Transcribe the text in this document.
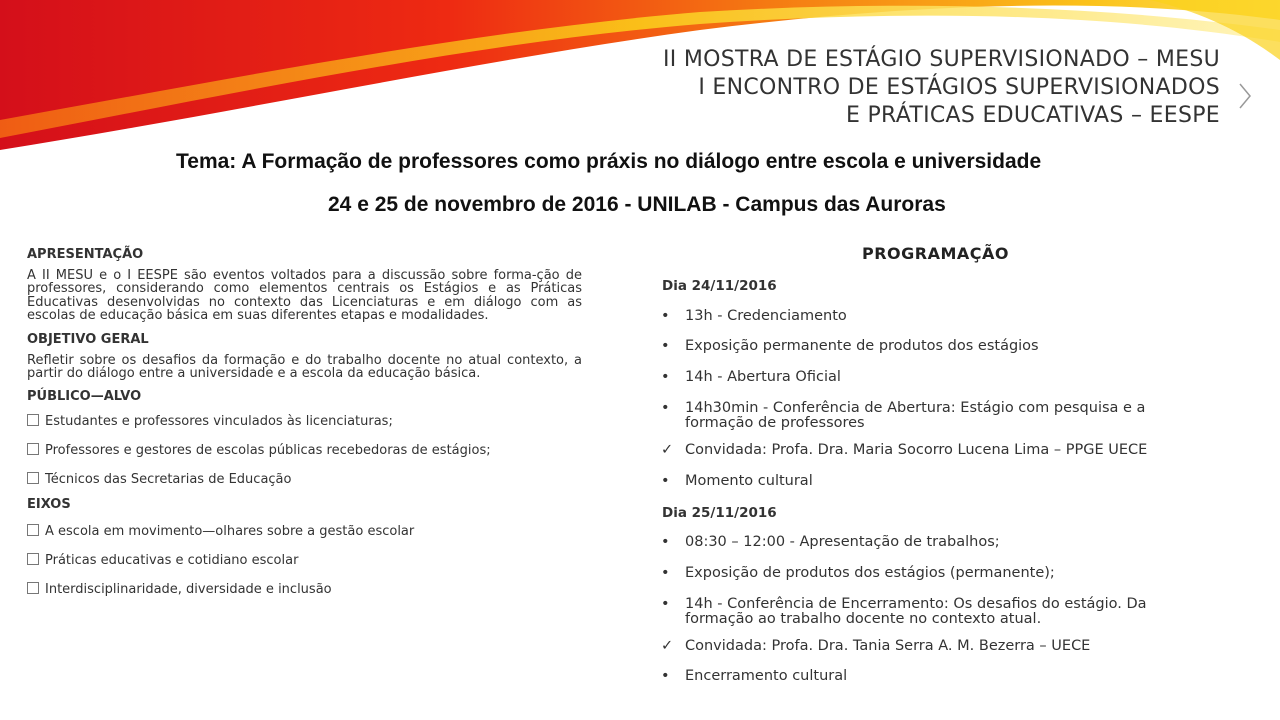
II MOSTRA DE ESTÁGIO SUPERVISIONADO – MESU
I ENCONTRO DE ESTÁGIOS SUPERVISIONADOS
E PRÁTICAS EDUCATIVAS – EESPE
Tema: A Formação de professores como práxis no diálogo entre escola e universidade
24 e 25 de novembro de 2016 - UNILAB - Campus das Auroras

APRESENTAÇÃO

A II MESU e o I EESPE são eventos voltados para a discussão sobre forma-ção de professores, considerando como elementos centrais os Estágios e as Práticas Educativas desenvolvidas no contexto das Licenciaturas e em diálogo com as escolas de educação básica em suas diferentes etapas e modalidades.

OBJETIVO GERAL

Refletir sobre os desafios da formação e do trabalho docente no atual contexto, a partir do diálogo entre a universidade e a escola da educação básica.

PÚBLICO—ALVO

Estudantes e professores vinculados às licenciaturas;

Professores e gestores de escolas públicas recebedoras de estágios;

Técnicos das Secretarias de Educação

EIXOS

A escola em movimento—olhares sobre a gestão escolar

Práticas educativas e cotidiano escolar

Interdisciplinaridade, diversidade e inclusão

PROGRAMAÇÃO
Dia 24/11/2016
•	13h - Credenciamento
•	Exposição permanente de produtos dos estágios
•	14h - Abertura Oficial
•	14h30min - Conferência de Abertura: Estágio com pesquisa e a formação de professores
✓ Convidada: Profa. Dra. Maria Socorro Lucena Lima – PPGE UECE
•	Momento cultural
Dia 25/11/2016
•	08:30 – 12:00 - Apresentação de trabalhos;
•	Exposição de produtos dos estágios (permanente);
•	14h - Conferência de Encerramento: Os desafios do estágio. Da formação ao trabalho docente no contexto atual.
✓ Convidada: Profa. Dra. Tania Serra A. M. Bezerra – UECE
•	Encerramento cultural
